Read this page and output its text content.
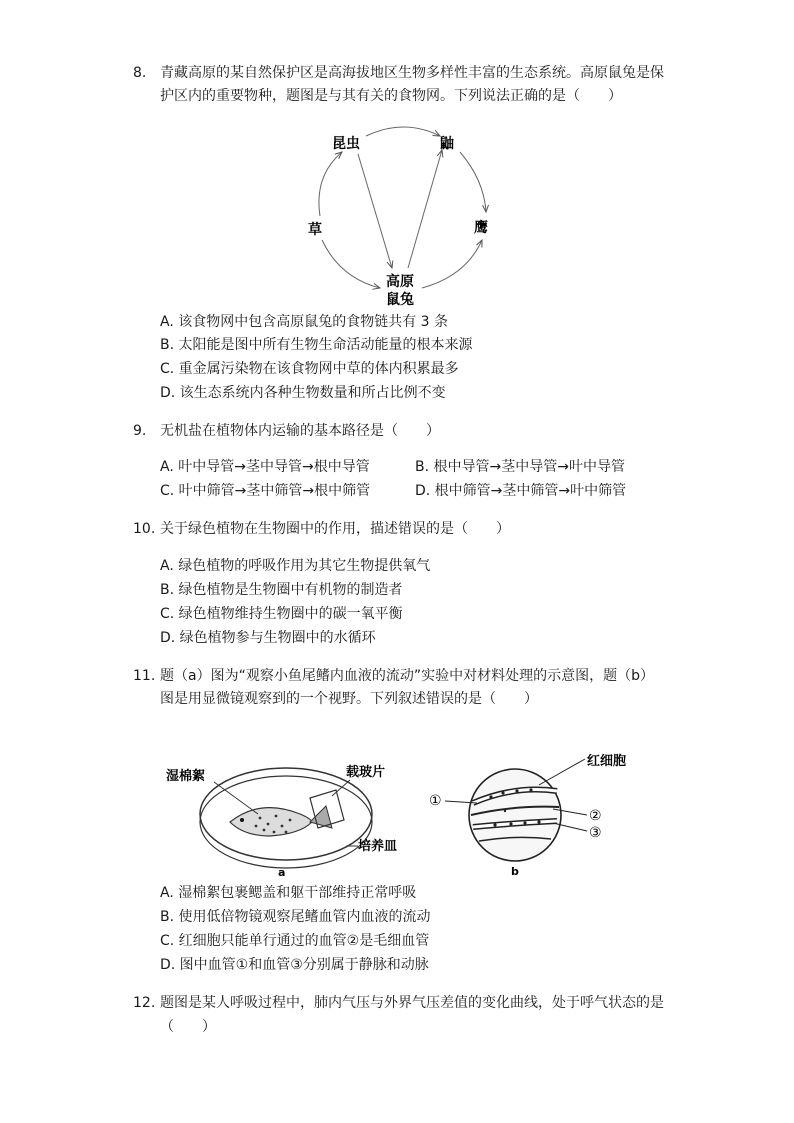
8. 青藏高原的某自然保护区是高海拔地区生物多样性丰富的生态系统。高原鼠兔是保
护区内的重要物种，题图是与其有关的食物网。下列说法正确的是（　　）
昆虫	鼬
草	鹰
高原
鼠兔
A. 该食物网中包含高原鼠兔的食物链共有 3 条
B. 太阳能是图中所有生物生命活动能量的根本来源
C. 重金属污染物在该食物网中草的体内积累最多
D. 该生态系统内各种生物数量和所占比例不变
9. 无机盐在植物体内运输的基本路径是（　　）
A. 叶中导管→茎中导管→根中导管	B. 根中导管→茎中导管→叶中导管
C. 叶中筛管→茎中筛管→根中筛管	D. 根中筛管→茎中筛管→叶中筛管
10. 关于绿色植物在生物圈中的作用，描述错误的是（　　）
A. 绿色植物的呼吸作用为其它生物提供氧气
B. 绿色植物是生物圈中有机物的制造者
C. 绿色植物维持生物圈中的碳一氧平衡
D. 绿色植物参与生物圈中的水循环
11. 题（a）图为“观察小鱼尾鳍内血液的流动”实验中对材料处理的示意图，题（b）
图是用显微镜观察到的一个视野。下列叙述错误的是（　　）
湿棉絮	载玻片
培养皿
a
红细胞
①
②
③
b
A. 湿棉絮包裹鳃盖和躯干部维持正常呼吸
B. 使用低倍物镜观察尾鳍血管内血液的流动
C. 红细胞只能单行通过的血管②是毛细血管
D. 图中血管①和血管③分别属于静脉和动脉
12. 题图是某人呼吸过程中，肺内气压与外界气压差值的变化曲线，处于呼气状态的是
（　　）
